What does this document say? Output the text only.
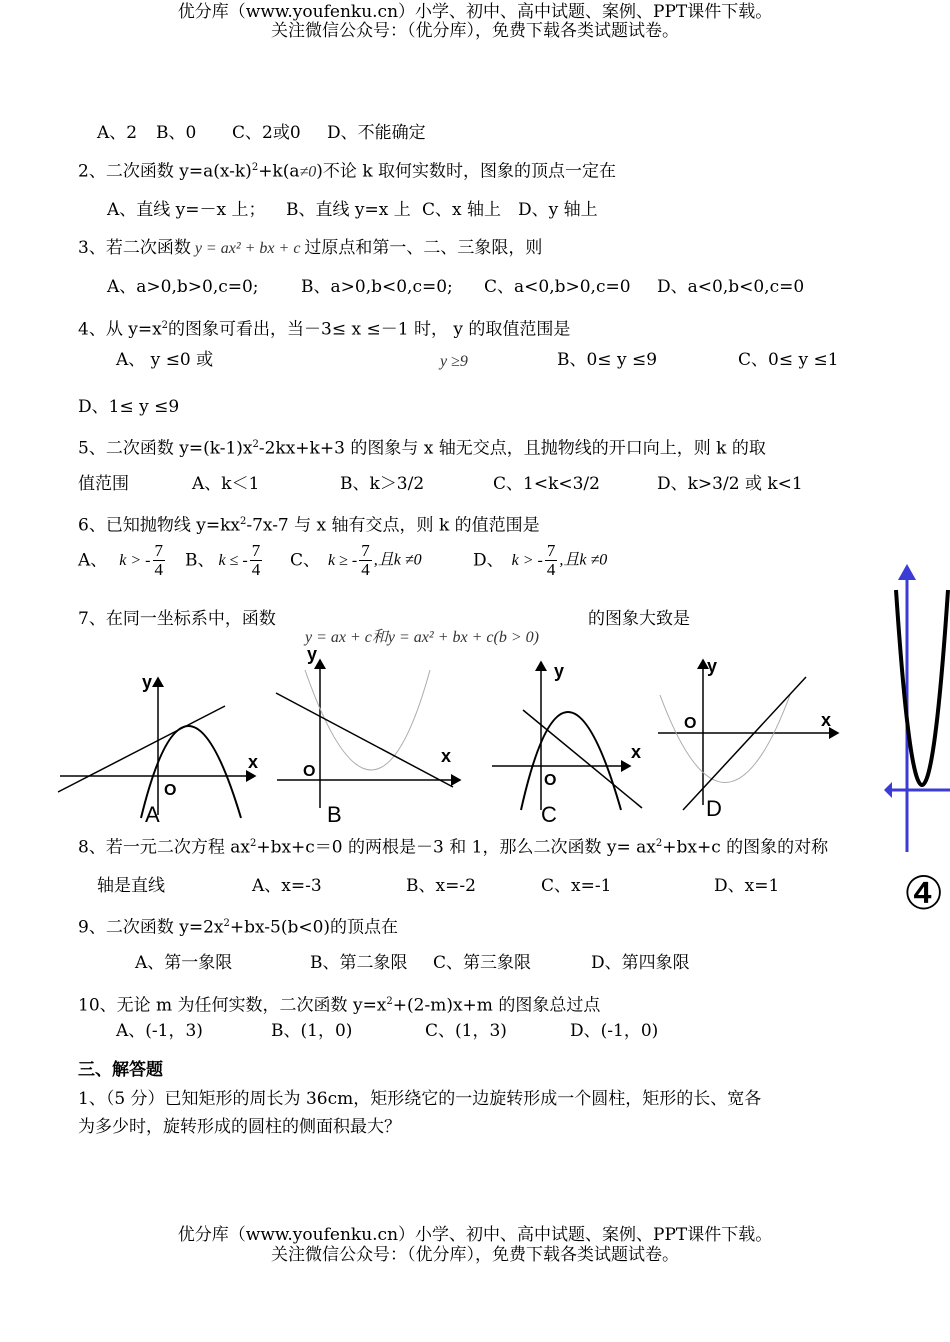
优分库（www.youfenku.cn）小学、初中、高中试题、案例、PPT课件下载。
关注微信公众号：（优分库），免费下载各类试题试卷。
A、2 B、0 C、2或0 D、不能确定
2、二次函数 $y=a(x-k)^2+k(a\ne 0)$不论 k 取何实数时，图象的顶点一定在
A、直线 y=－x 上； B、直线 y=x 上 C、x 轴上 D、y 轴上
3、若二次函数 y = ax² + bx + c 过原点和第一、二、三象限，则
A、a>0,b>0,c=0; B、a>0,b<0,c=0; C、a<0,b>0,c=0 D、a<0,b<0,c=0
4、从 $y=x^2$的图象可看出，当－3≤ x ≤－1 时， y 的取值范围是
A、 y ≤0 或	y ≥9	B、0≤ y ≤9	C、0≤ y ≤1
D、1≤ y ≤9
5、二次函数 $y=(k-1)x^2-2kx+k+3$ 的图象与 x 轴无交点，且抛物线的开口向上，则 k 的取
值范围	A、k＜1	B、k＞3/2	C、1<k<3/2	D、k>3/2 或 k<1
6、已知抛物线 $y=kx^2-7x-7$ 与 x 轴有交点，则 k 的值范围是
A、 k > - $\frac{7}{4}$ B、 k ≤ - $\frac{7}{4}$ C、 k ≥ - $\frac{7}{4}$ ,且k ≠0	D、 k > - $\frac{7}{4}$ ,且k ≠0
7、在同一坐标系中，函数
y = ax + c和y = ax² + bx + c(b > 0)
的图象大致是
y
x
O
A
y
x
O
B
y
x
O
C
y
x
O
D
④
8、若一元二次方程 $ax^2+bx+c=0$ 的两根是－3 和 1，那么二次函数 $y= ax^2+bx+c$ 的图象的对称
轴是直线	A、x=-3	B、x=-2	C、x=-1	D、x=1
9、二次函数 $y=2x^2+bx-5(b<0)$的顶点在
A、第一象限	B、第二象限 C、第三象限	D、第四象限
10、无论 m 为任何实数，二次函数 $y=x^2+(2-m)x+m$ 的图象总过点
A、(-1，3)	B、(1，0)	C、(1，3)	D、(-1，0)
三、解答题
1、（5 分）已知矩形的周长为 36cm，矩形绕它的一边旋转形成一个圆柱，矩形的长、宽各
为多少时，旋转形成的圆柱的侧面积最大？
优分库（www.youfenku.cn）小学、初中、高中试题、案例、PPT课件下载。
关注微信公众号：（优分库），免费下载各类试题试卷。
